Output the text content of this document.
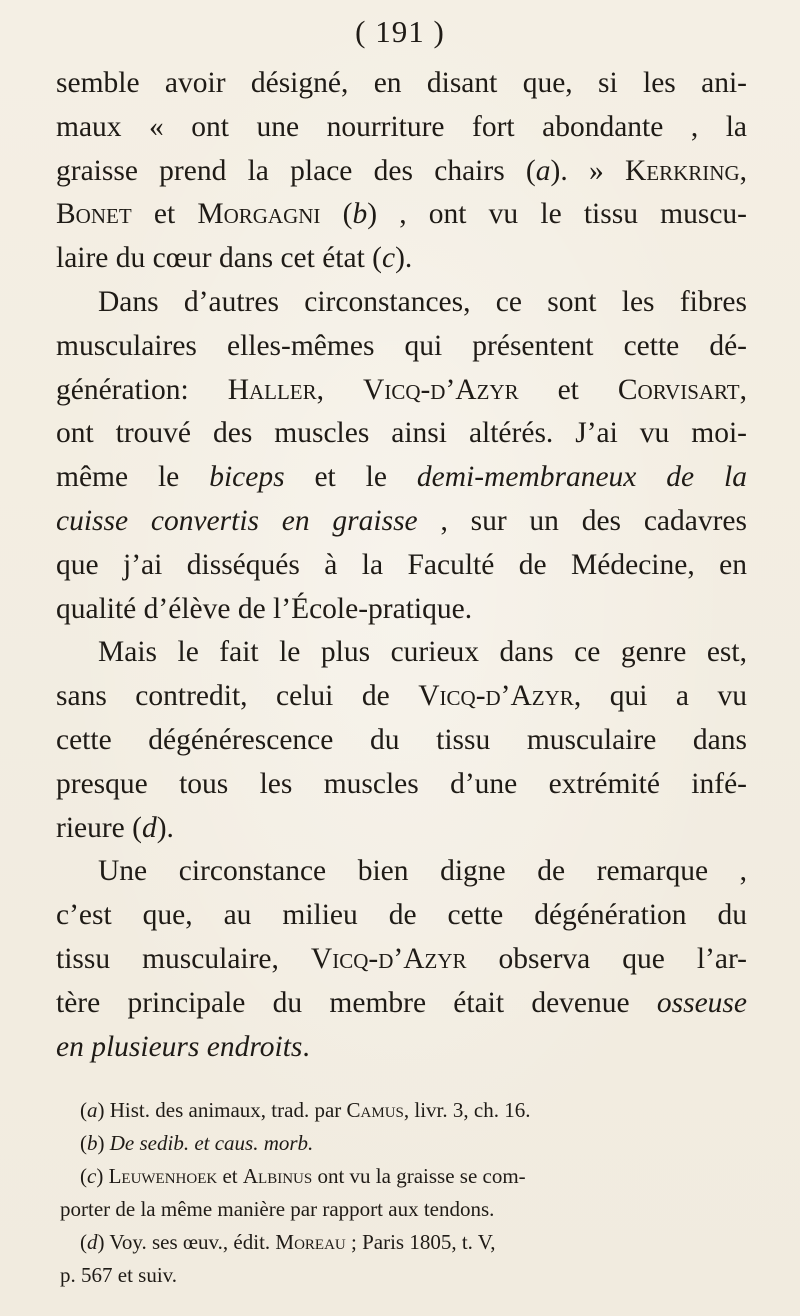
( 191 )
semble avoir désigné, en disant que, si les ani-
maux « ont une nourriture fort abondante , la
graisse prend la place des chairs (a). » Kerkring,
Bonet et Morgagni (b) , ont vu le tissu muscu-
laire du cœur dans cet état (c).
Dans d’autres circonstances, ce sont les fibres
musculaires elles-mêmes qui présentent cette dé-
génération: Haller, Vicq-d’Azyr et Corvisart,
ont trouvé des muscles ainsi altérés. J’ai vu moi-
même le biceps et le demi-membraneux de la
cuisse convertis en graisse , sur un des cadavres
que j’ai disséqués à la Faculté de Médecine, en
qualité d’élève de l’École-pratique.
Mais le fait le plus curieux dans ce genre est,
sans contredit, celui de Vicq-d’Azyr, qui a vu
cette dégénérescence du tissu musculaire dans
presque tous les muscles d’une extrémité infé-
rieure (d).
Une circonstance bien digne de remarque ,
c’est que, au milieu de cette dégénération du
tissu musculaire, Vicq-d’Azyr observa que l’ar-
tère principale du membre était devenue osseuse
en plusieurs endroits.
(a) Hist. des animaux, trad. par Camus, livr. 3, ch. 16.
(b) De sedib. et caus. morb.
(c) Leuwenhoek et Albinus ont vu la graisse se com-
porter de la même manière par rapport aux tendons.
(d) Voy. ses œuv., édit. Moreau ; Paris 1805, t. V,
p. 567 et suiv.
